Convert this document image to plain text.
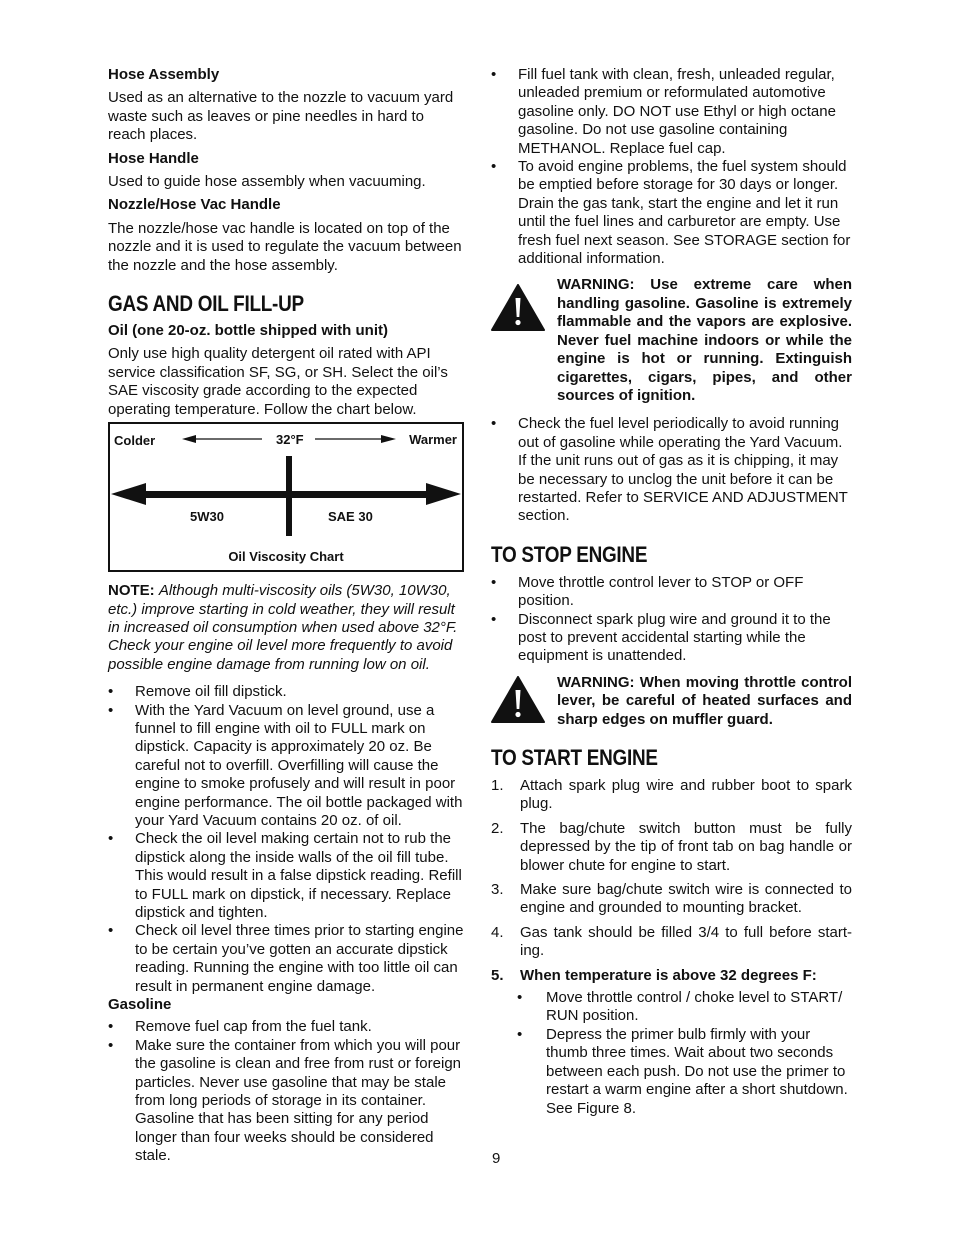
Hose Assembly

Used as an alternative to the nozzle to vacuum yard waste such as leaves or pine needles in hard to reach places.

Hose Handle

Used to guide hose assembly when vacuuming.

Nozzle/Hose Vac Handle

The nozzle/hose vac handle is located on top of the nozzle and it is used to regulate the vacuum between the nozzle and the hose assembly.

GAS AND OIL FILL-UP

Oil (one 20-oz. bottle shipped with unit)

Only use high quality detergent oil rated with API service classification SF, SG, or SH. Select the oil’s SAE viscosity grade according to the expected operating temperature. Follow the chart below.

Colder	32°F	Warmer
5W30	SAE 30
Oil Viscosity Chart

NOTE: Although multi-viscosity oils (5W30, 10W30, etc.) improve starting in cold weather, they will result in increased oil consumption when used above 32°F. Check your engine oil level more frequently to avoid possible engine damage from running low on oil.

• Remove oil fill dipstick.
• With the Yard Vacuum on level ground, use a funnel to fill engine with oil to FULL mark on dipstick. Capacity is approximately 20 oz. Be careful not to overfill. Overfilling will cause the engine to smoke profusely and will result in poor engine performance. The oil bottle packaged with your Yard Vacuum contains 20 oz. of oil.
• Check the oil level making certain not to rub the dipstick along the inside walls of the oil fill tube. This would result in a false dipstick reading. Refill to FULL mark on dipstick, if necessary. Replace dipstick and tighten.
• Check oil level three times prior to starting engine to be certain you’ve gotten an accurate dipstick reading. Running the engine with too little oil can result in permanent engine damage.

Gasoline

• Remove fuel cap from the fuel tank.
• Make sure the container from which you will pour the gasoline is clean and free from rust or foreign particles. Never use gasoline that may be stale from long periods of storage in its container. Gasoline that has been sitting for any period longer than four weeks should be considered stale.
• Fill fuel tank with clean, fresh, unleaded regular, unleaded premium or reformulated automotive gasoline only. DO NOT use Ethyl or high octane gasoline. Do not use gasoline containing METHANOL. Replace fuel cap.
• To avoid engine problems, the fuel system should be emptied before storage for 30 days or longer. Drain the gas tank, start the engine and let it run until the fuel lines and carburetor are empty. Use fresh fuel next season. See STORAGE section for additional information.
WARNING: Use extreme care when handling gasoline. Gasoline is extremely flammable and the vapors are explosive. Never fuel machine indoors or while the engine is hot or running. Extinguish cigarettes, cigars, pipes, and other sources of ignition.
• Check the fuel level periodically to avoid running out of gasoline while operating the Yard Vacuum. If the unit runs out of gas as it is chipping, it may be necessary to unclog the unit before it can be restarted. Refer to SERVICE AND ADJUSTMENT section.
TO STOP ENGINE
• Move throttle control lever to STOP or OFF position.
• Disconnect spark plug wire and ground it to the post to prevent accidental starting while the equipment is unattended.
WARNING: When moving throttle control lever, be careful of heated surfaces and sharp edges on muffler guard.
TO START ENGINE
1. Attach spark plug wire and rubber boot to spark plug.
2. The bag/chute switch button must be fully depressed by the tip of front tab on bag handle or blower chute for engine to start.
3. Make sure bag/chute switch wire is connected to engine and grounded to mounting bracket.
4. Gas tank should be filled 3/4 to full before start-ing.
5. When temperature is above 32 degrees F:
• Move throttle control / choke level to START/ RUN position.
• Depress the primer bulb firmly with your thumb three times. Wait about two seconds between each push. Do not use the primer to restart a warm engine after a short shutdown. See Figure 8.
9
